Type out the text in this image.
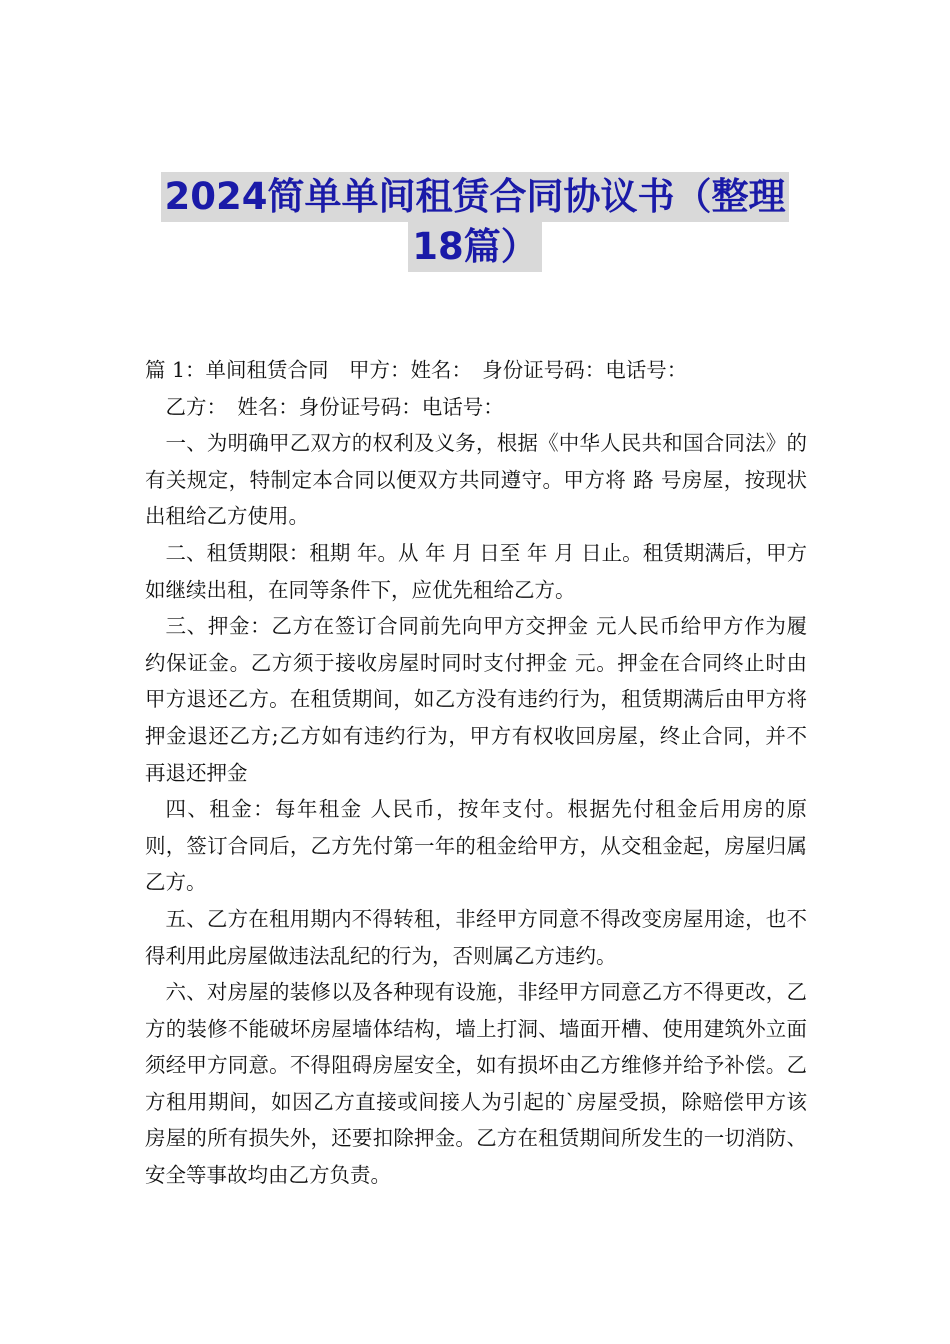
2024简单单间租赁合同协议书（整理
18篇）

篇 1：单间租赁合同　甲方：姓名：　身份证号码：电话号：

乙方：　姓名：身份证号码：电话号：

一、为明确甲乙双方的权利及义务，根据《中华人民共和国合同法》的有关规定，特制定本合同以便双方共同遵守。甲方将 路 号房屋，按现状出租给乙方使用。

二、租赁期限：租期 年。从 年 月 日至 年 月 日止。租赁期满后，甲方如继续出租，在同等条件下，应优先租给乙方。

三、押金：乙方在签订合同前先向甲方交押金 元人民币给甲方作为履约保证金。乙方须于接收房屋时同时支付押金 元。押金在合同终止时由甲方退还乙方。在租赁期间，如乙方没有违约行为，租赁期满后由甲方将押金退还乙方;乙方如有违约行为，甲方有权收回房屋，终止合同，并不再退还押金

四、租金：每年租金 人民币，按年支付。根据先付租金后用房的原则，签订合同后，乙方先付第一年的租金给甲方，从交租金起，房屋归属乙方。

五、乙方在租用期内不得转租，非经甲方同意不得改变房屋用途，也不得利用此房屋做违法乱纪的行为，否则属乙方违约。

六、对房屋的装修以及各种现有设施，非经甲方同意乙方不得更改，乙方的装修不能破坏房屋墙体结构，墙上打洞、墙面开槽、使用建筑外立面须经甲方同意。不得阻碍房屋安全，如有损坏由乙方维修并给予补偿。乙方租用期间，如因乙方直接或间接人为引起的`房屋受损，除赔偿甲方该房屋的所有损失外，还要扣除押金。乙方在租赁期间所发生的一切消防、安全等事故均由乙方负责。
